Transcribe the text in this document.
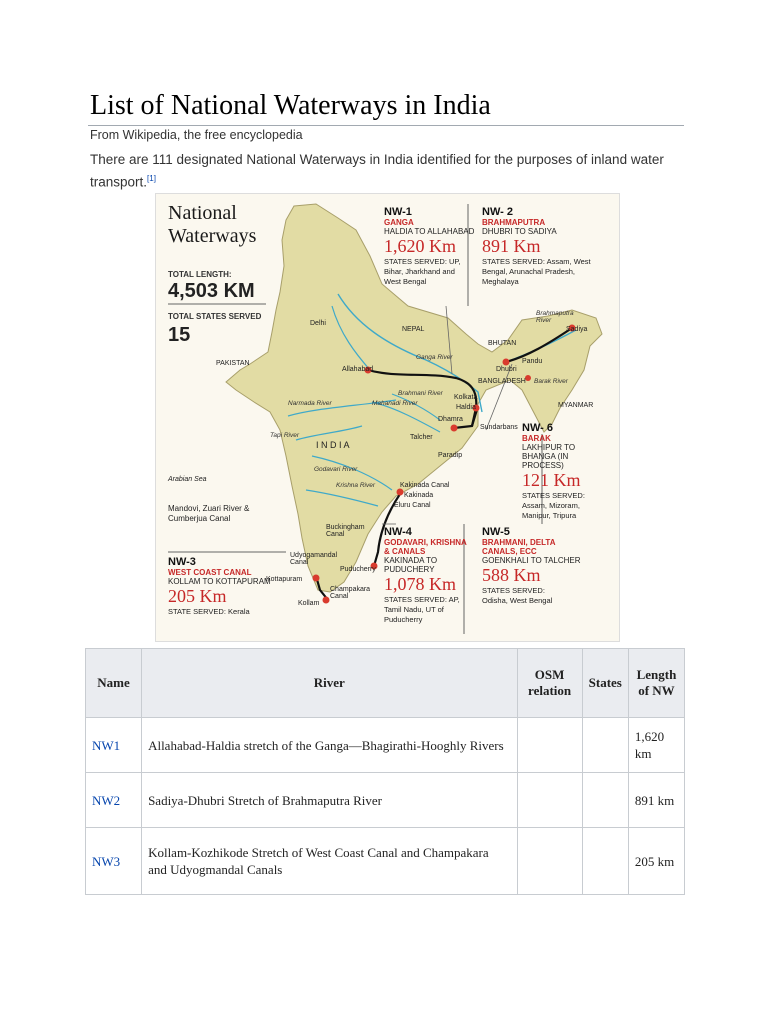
List of National Waterways in India
From Wikipedia, the free encyclopedia
There are 111 designated National Waterways in India identified for the purposes of inland water transport.[1]
National
Waterways
TOTAL LENGTH:
4,503 KM
TOTAL STATES SERVED
15
NW-1
GANGA
HALDIA TO ALLAHABAD
1,620 Km
STATES SERVED: UP, Bihar, Jharkhand and West Bengal
NW- 2
BRAHMAPUTRA
DHUBRI TO SADIYA
891 Km
STATES SERVED: Assam, West Bengal, Arunachal Pradesh, Meghalaya
NW- 6
BARAK
LAKHIPUR TO BHANGA (IN PROCESS)
121 Km
STATES SERVED: Assam, Mizoram, Manipur, Tripura
NW-4
GODAVARI, KRISHNA
& CANALS
KAKINADA TO PUDUCHERY
1,078 Km
STATES SERVED: AP, Tamil Nadu, UT of Puducherry
NW-5
BRAHMANI, DELTA
CANALS, ECC
GOENKHALI TO TALCHER
588 Km
STATES SERVED: Odisha, West Bengal
NW-3
WEST COAST CANAL
KOLLAM TO KOTTAPURAM
205 Km
STATE SERVED: Kerala
Delhi
NEPAL
PAKISTAN
BHUTAN
BANGLADESH
MYANMAR
I N D I A
Allahabad
Kolkata
Haldia
Dhamra
Talcher
Paradip
Sundarbans
Dhubri
Pandu
Sadiya
Kakinada Canal
Kakinada
Eluru Canal
Buckingham Canal
Puducherry
Udyogamandal Canal
Kottapuram
Kollam
Champakara Canal
Arabian Sea
Mandovi, Zuari River &
Cumberjua Canal
Ganga River
Brahmani River
Mahanadi River
Narmada River
Tapi River
Godavari River
Krishna River
Brahmaputra River
Barak River
Name	River	OSM relation	States	Length of NW
NW1	Allahabad-Haldia stretch of the Ganga—Bhagirathi-Hooghly Rivers			1,620 km
NW2	Sadiya-Dhubri Stretch of Brahmaputra River			891 km
NW3	Kollam-Kozhikode Stretch of West Coast Canal and Champakara and Udyogmandal Canals			205 km
